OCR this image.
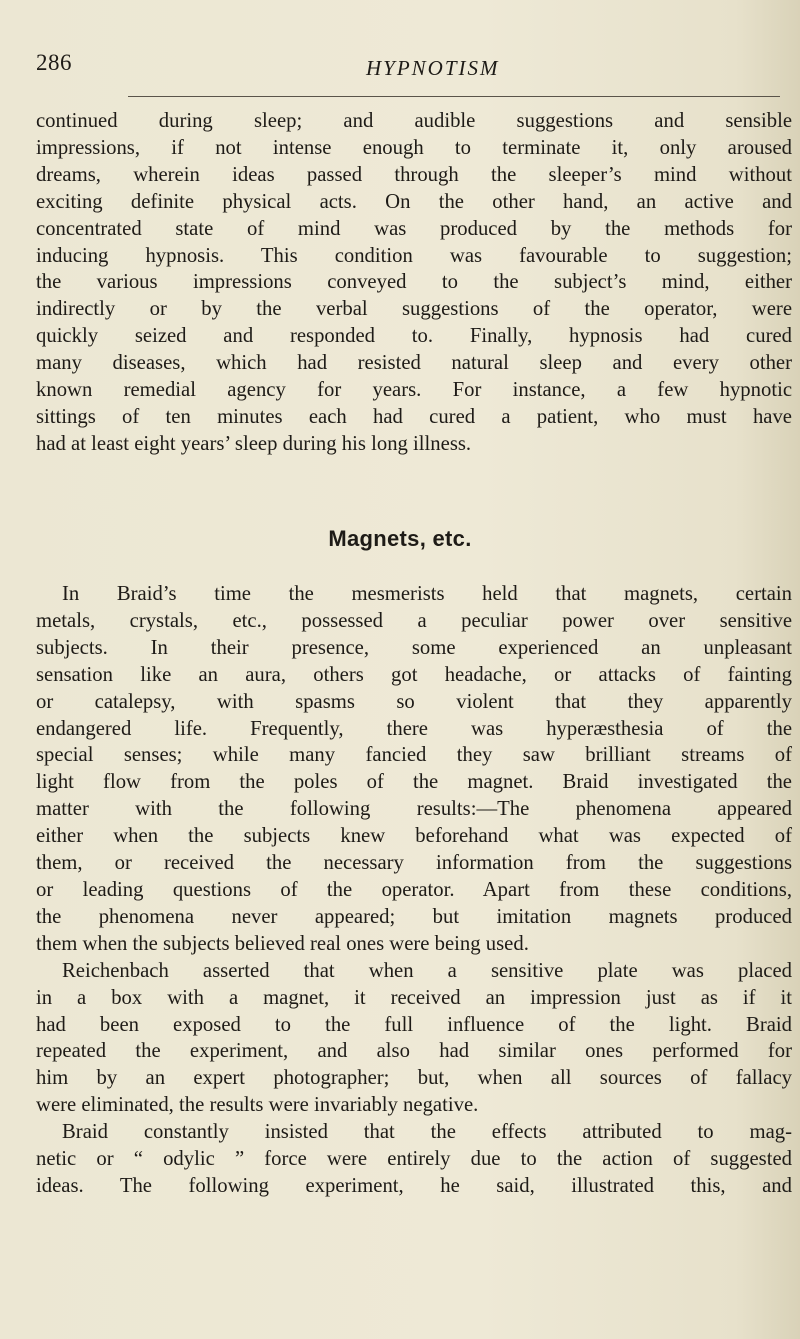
286	HYPNOTISM
continued during sleep; and audible suggestions and sensible
impressions, if not intense enough to terminate it, only aroused
dreams, wherein ideas passed through the sleeper’s mind without
exciting definite physical acts. On the other hand, an active and
concentrated state of mind was produced by the methods for
inducing hypnosis. This condition was favourable to suggestion;
the various impressions conveyed to the subject’s mind, either
indirectly or by the verbal suggestions of the operator, were
quickly seized and responded to. Finally, hypnosis had cured
many diseases, which had resisted natural sleep and every other
known remedial agency for years. For instance, a few hypnotic
sittings of ten minutes each had cured a patient, who must have
had at least eight years’ sleep during his long illness.
Magnets, etc.
In Braid’s time the mesmerists held that magnets, certain
metals, crystals, etc., possessed a peculiar power over sensitive
subjects. In their presence, some experienced an unpleasant
sensation like an aura, others got headache, or attacks of fainting
or catalepsy, with spasms so violent that they apparently
endangered life. Frequently, there was hyperæsthesia of the
special senses; while many fancied they saw brilliant streams of
light flow from the poles of the magnet. Braid investigated the
matter with the following results:—The phenomena appeared
either when the subjects knew beforehand what was expected of
them, or received the necessary information from the suggestions
or leading questions of the operator. Apart from these conditions,
the phenomena never appeared; but imitation magnets produced
them when the subjects believed real ones were being used.
Reichenbach asserted that when a sensitive plate was placed
in a box with a magnet, it received an impression just as if it
had been exposed to the full influence of the light. Braid
repeated the experiment, and also had similar ones performed for
him by an expert photographer; but, when all sources of fallacy
were eliminated, the results were invariably negative.
Braid constantly insisted that the effects attributed to mag-
netic or “ odylic ” force were entirely due to the action of suggested
ideas. The following experiment, he said, illustrated this, and
